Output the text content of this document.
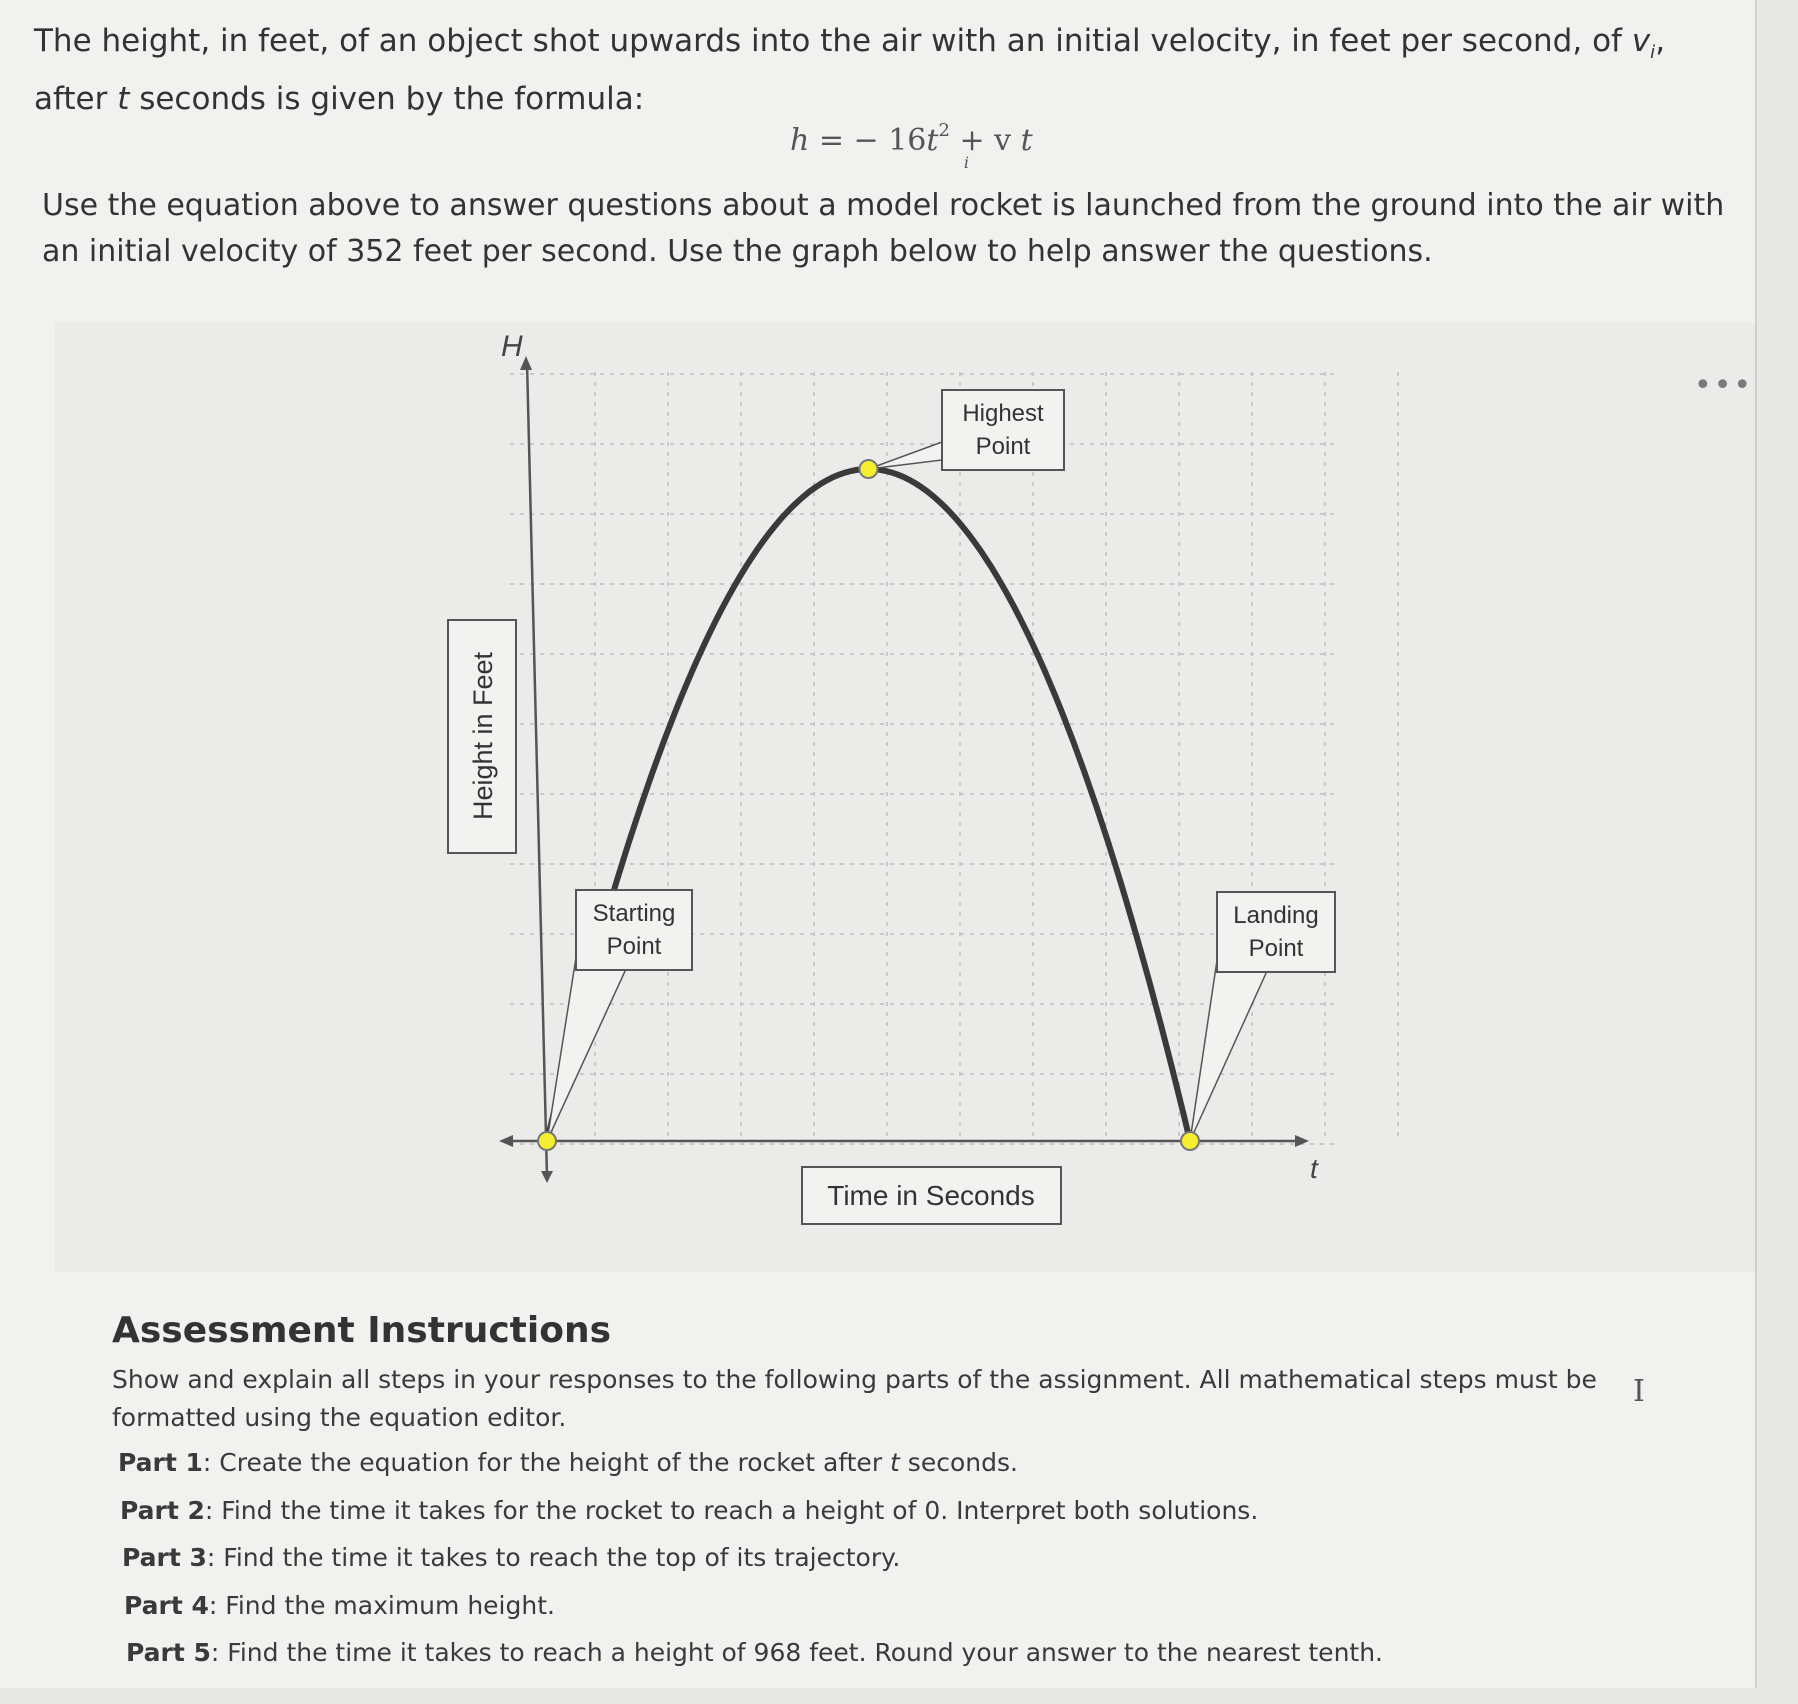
The height, in feet, of an object shot upwards into the air with an initial velocity, in feet per second, of $v_i$, after t seconds is given by the formula:
h = − $16t^2 + v$
i
t
Use the equation above to answer questions about a model rocket is launched from the ground into the air with an initial velocity of 352 feet per second. Use the graph below to help answer the questions.
Starting
Point
Highest
Point
Landing
Point
H
t
Height in Feet
Time in Seconds
•••
Assessment Instructions
Show and explain all steps in your responses to the following parts of the assignment. All mathematical steps must be formatted using the equation editor.
Part 1: Create the equation for the height of the rocket after t seconds.
Part 2: Find the time it takes for the rocket to reach a height of 0. Interpret both solutions.
Part 3: Find the time it takes to reach the top of its trajectory.
Part 4: Find the maximum height.
Part 5: Find the time it takes to reach a height of 968 feet. Round your answer to the nearest tenth.
I
